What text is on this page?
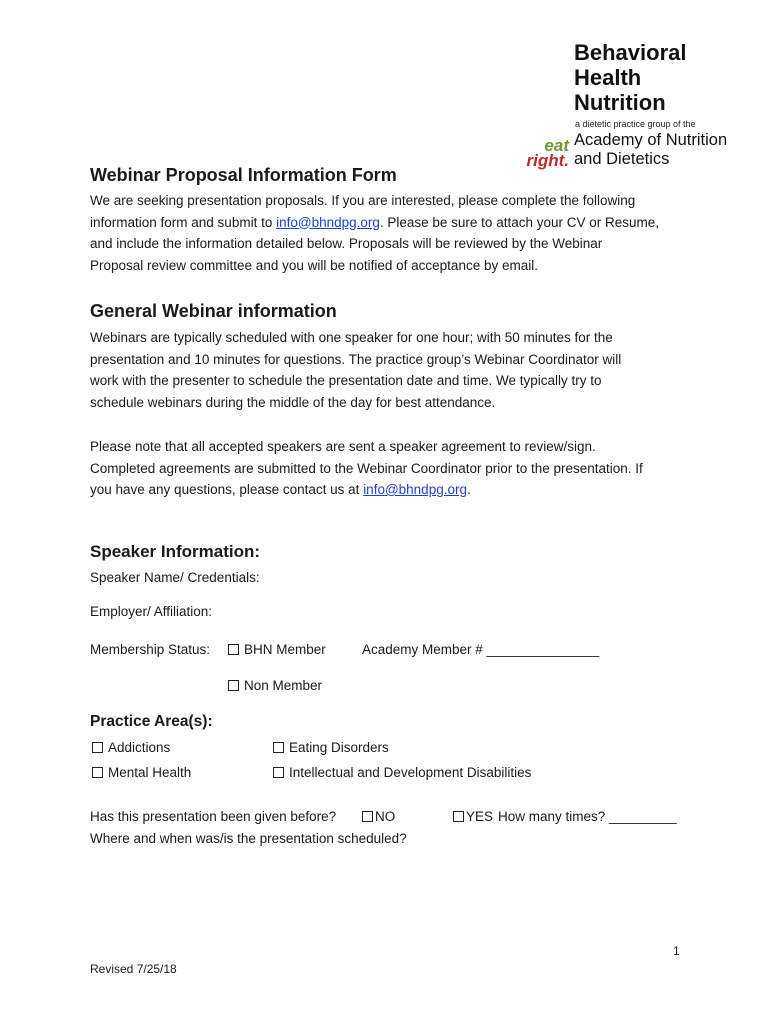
Behavioral
Health
Nutrition
a dietetic practice group of the
Academy of Nutrition
and Dietetics
eat
right.
Webinar Proposal Information Form
We are seeking presentation proposals. If you are interested, please complete the following
information form and submit to info@bhndpg.org. Please be sure to attach your CV or Resume,
and include the information detailed below. Proposals will be reviewed by the Webinar
Proposal review committee and you will be notified of acceptance by email.
General Webinar information
Webinars are typically scheduled with one speaker for one hour; with 50 minutes for the
presentation and 10 minutes for questions. The practice group’s Webinar Coordinator will
work with the presenter to schedule the presentation date and time. We typically try to
schedule webinars during the middle of the day for best attendance.
Please note that all accepted speakers are sent a speaker agreement to review/sign.
Completed agreements are submitted to the Webinar Coordinator prior to the presentation. If
you have any questions, please contact us at info@bhndpg.org.
Speaker Information:
Speaker Name/ Credentials:
Employer/ Affiliation:
Membership Status:	BHN Member	Academy Member # _______________
Non Member
Practice Area(s):
Addictions	Eating Disorders
Mental Health	Intellectual and Development Disabilities
Has this presentation been given before?	NO	YES How many times? _________
Where and when was/is the presentation scheduled?
1
Revised 7/25/18
